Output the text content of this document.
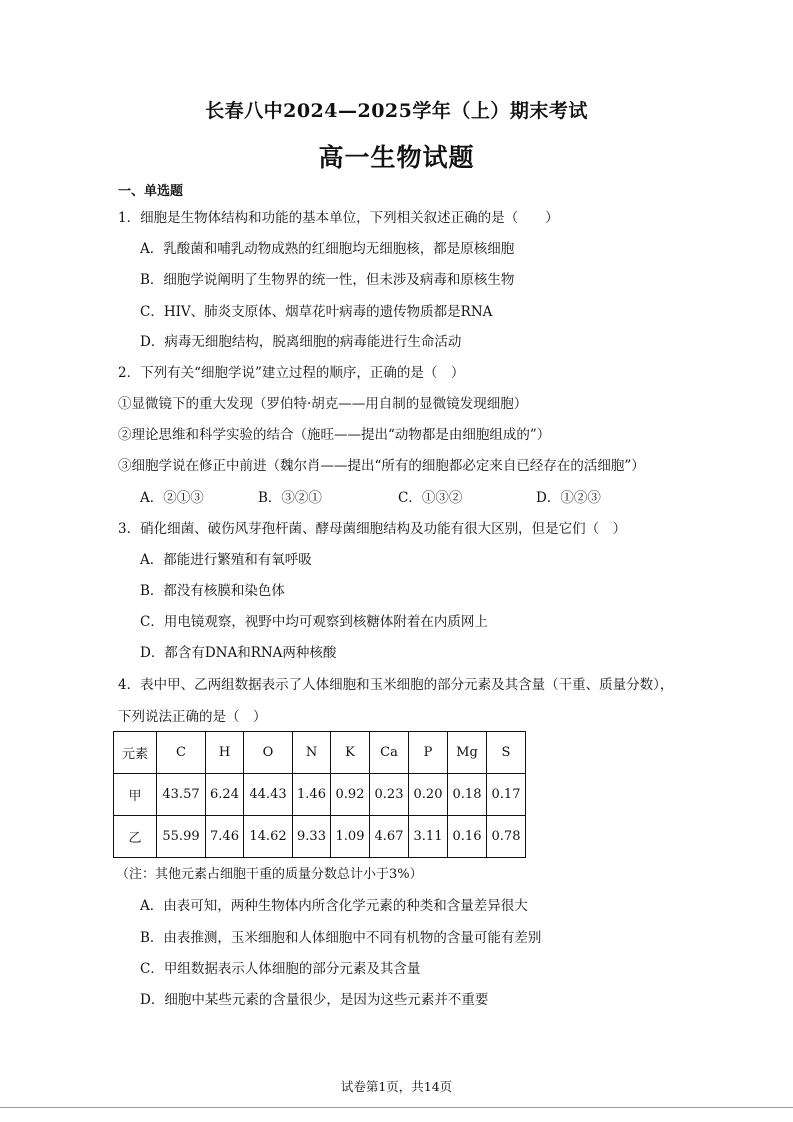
长春八中2024—2025学年（上）期末考试
高一生物试题
一、单选题
1．细胞是生物体结构和功能的基本单位，下列相关叙述正确的是（　　）
A．乳酸菌和哺乳动物成熟的红细胞均无细胞核，都是原核细胞
B．细胞学说阐明了生物界的统一性，但未涉及病毒和原核生物
C．HIV、肺炎支原体、烟草花叶病毒的遗传物质都是RNA
D．病毒无细胞结构，脱离细胞的病毒能进行生命活动
2．下列有关“细胞学说”建立过程的顺序，正确的是（　）
①显微镜下的重大发现（罗伯特·胡克——用自制的显微镜发现细胞）
②理论思维和科学实验的结合（施旺——提出“动物都是由细胞组成的”）
③细胞学说在修正中前进（魏尔肖——提出“所有的细胞都必定来自已经存在的活细胞”）
A．②①③	B．③②①	C．①③②	D．①②③
3．硝化细菌、破伤风芽孢杆菌、酵母菌细胞结构及功能有很大区别，但是它们（　）
A．都能进行繁殖和有氧呼吸
B．都没有核膜和染色体
C．用电镜观察，视野中均可观察到核糖体附着在内质网上
D．都含有DNA和RNA两种核酸
4．表中甲、乙两组数据表示了人体细胞和玉米细胞的部分元素及其含量（干重、质量分数），
下列说法正确的是（　）
元素	C	H	O	N	K	Ca	P	Mg	S
甲	43.57	6.24	44.43	1.46	0.92	0.23	0.20	0.18	0.17
乙	55.99	7.46	14.62	9.33	1.09	4.67	3.11	0.16	0.78
（注：其他元素占细胞干重的质量分数总计小于3%）
A．由表可知，两种生物体内所含化学元素的种类和含量差异很大
B．由表推测，玉米细胞和人体细胞中不同有机物的含量可能有差别
C．甲组数据表示人体细胞的部分元素及其含量
D．细胞中某些元素的含量很少，是因为这些元素并不重要
试卷第1页，共14页
